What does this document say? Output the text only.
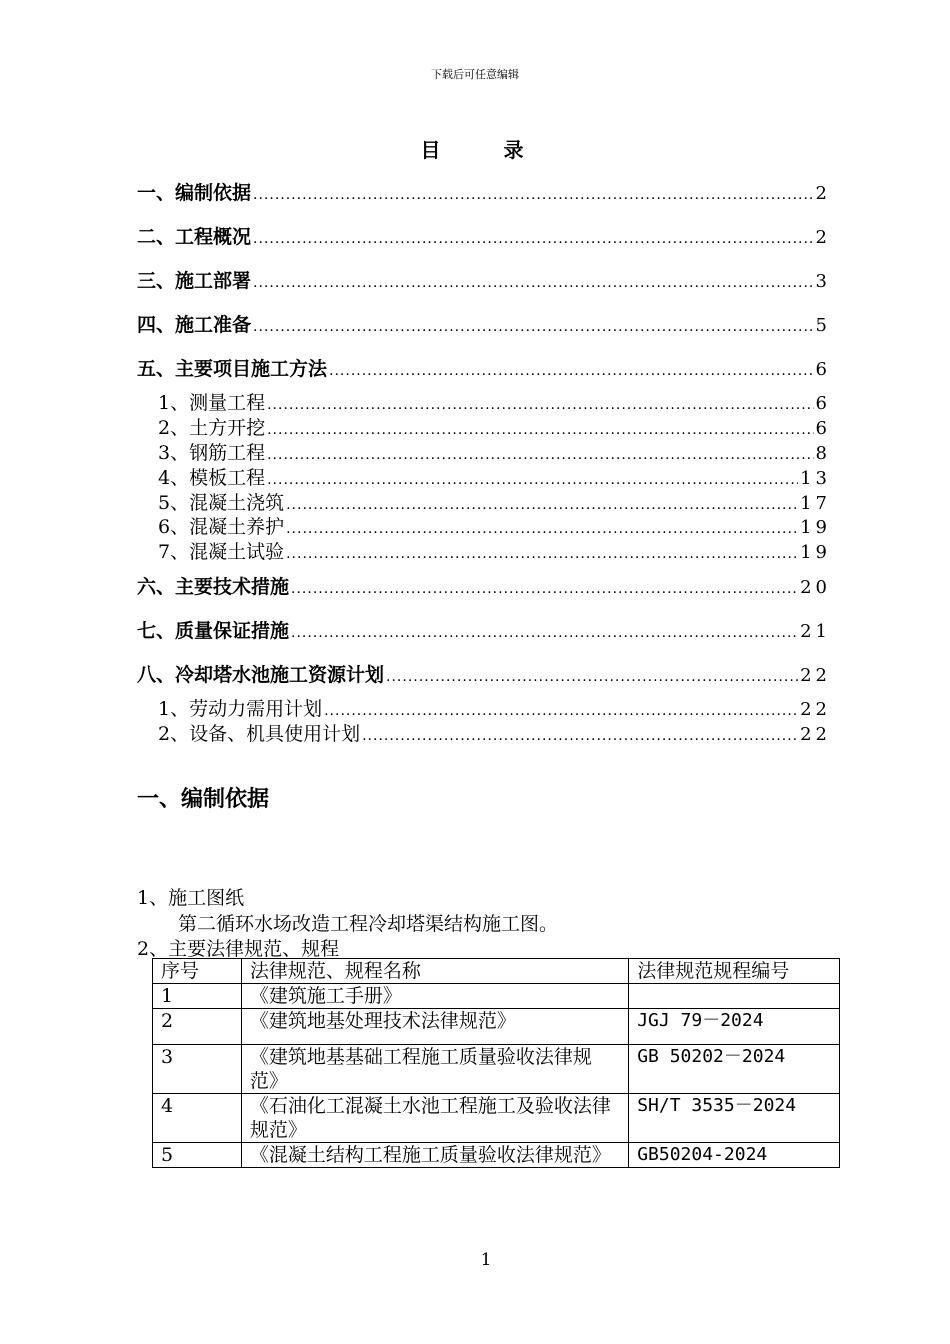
下载后可任意编辑
目 录
一、编制依据 .....	2
二、工程概况 .....	2
三、施工部署 .....	3
四、施工准备 .....	5
五、主要项目施工方法 .....	6
1、测量工程 .....	6
2、土方开挖 .....	6
3、钢筋工程 .....	8
4、模板工程 .....	13
5、混凝土浇筑 .....	17
6、混凝土养护 .....	19
7、混凝土试验 .....	19
六、主要技术措施 .....	20
七、质量保证措施 .....	21
八、冷却塔水池施工资源计划 .....	22
1、劳动力需用计划 .....	22
2、设备、机具使用计划 .....	22
一、编制依据
1、施工图纸
第二循环水场改造工程冷却塔渠结构施工图。
2、主要法律规范、规程
序号	法律规范、规程名称	法律规范规程编号
1	《建筑施工手册》	
2	《建筑地基处理技术法律规范》	JGJ 79－2024
3	《建筑地基基础工程施工质量验收法律规范》	GB 50202－2024
4	《石油化工混凝土水池工程施工及验收法律规范》	SH/T 3535－2024
5	《混凝土结构工程施工质量验收法律规范》	GB50204-2024
1
